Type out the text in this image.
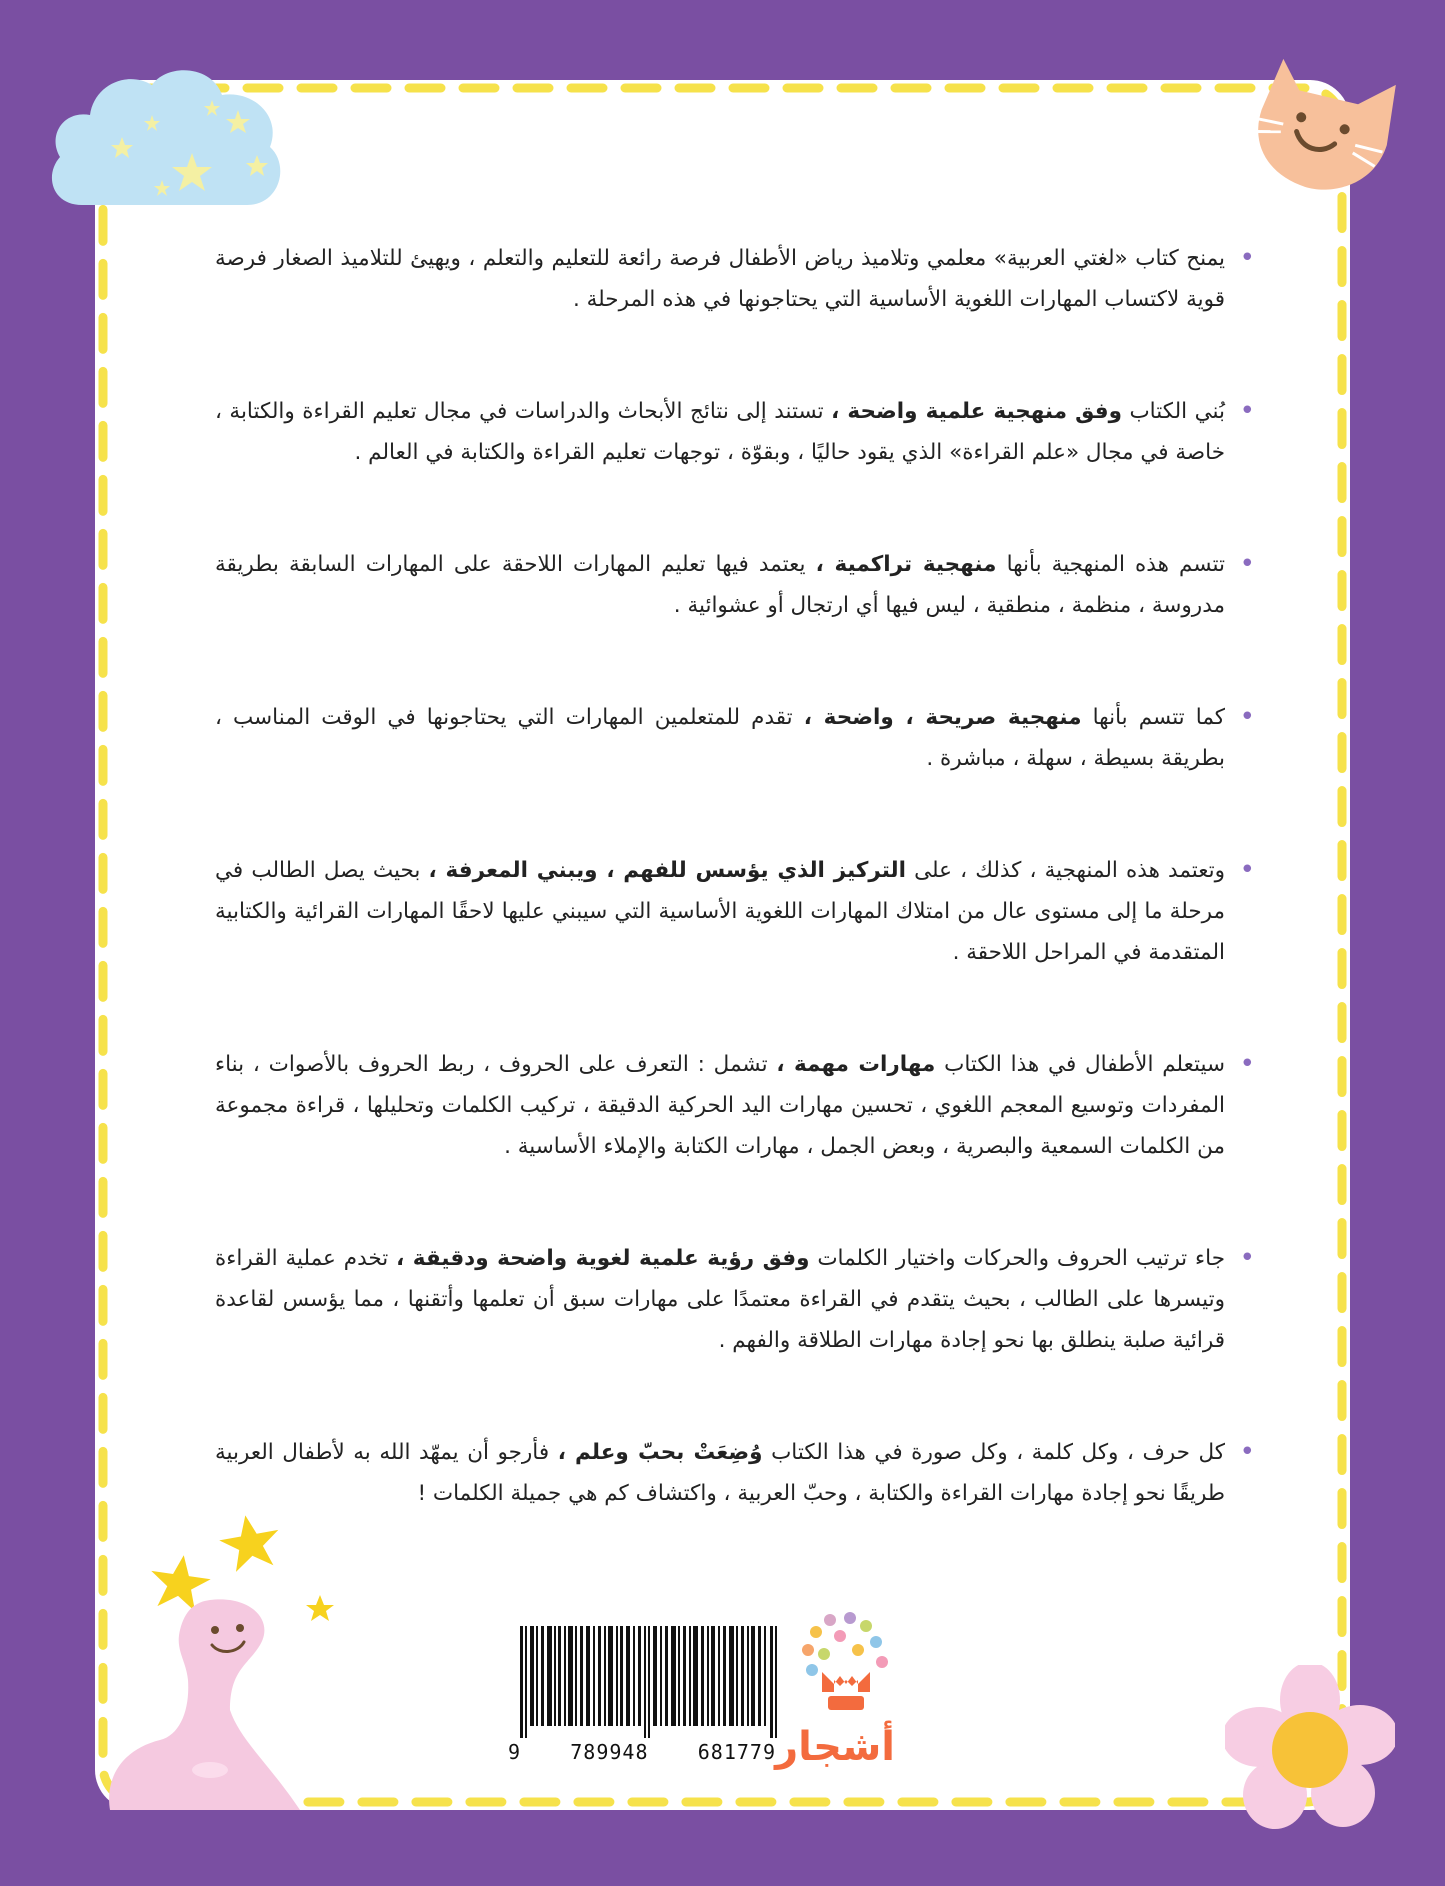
9 789948 681779 أشجار
•
يمنح كتاب «لغتي العربية» معلمي وتلاميذ رياض الأطفال فرصة رائعة للتعليم والتعلم ، ويهيئ للتلاميذ الصغار فرصة قوية لاكتساب المهارات اللغوية الأساسية التي يحتاجونها في هذه المرحلة .
•
بُني الكتاب وفق منهجية علمية واضحة ، تستند إلى نتائج الأبحاث والدراسات في مجال تعليم القراءة والكتابة ، خاصة في مجال «علم القراءة» الذي يقود حاليًا ، وبقوّة ، توجهات تعليم القراءة والكتابة في العالم .
•
تتسم هذه المنهجية بأنها منهجية تراكمية ، يعتمد فيها تعليم المهارات اللاحقة على المهارات السابقة بطريقة مدروسة ، منظمة ، منطقية ، ليس فيها أي ارتجال أو عشوائية .
•
كما تتسم بأنها منهجية صريحة ، واضحة ، تقدم للمتعلمين المهارات التي يحتاجونها في الوقت المناسب ، بطريقة بسيطة ، سهلة ، مباشرة .
•
وتعتمد هذه المنهجية ، كذلك ، على التركيز الذي يؤسس للفهم ، ويبني المعرفة ، بحيث يصل الطالب في مرحلة ما إلى مستوى عال من امتلاك المهارات اللغوية الأساسية التي سيبني عليها لاحقًا المهارات القرائية والكتابية المتقدمة في المراحل اللاحقة .
•
سيتعلم الأطفال في هذا الكتاب مهارات مهمة ، تشمل : التعرف على الحروف ، ربط الحروف بالأصوات ، بناء المفردات وتوسيع المعجم اللغوي ، تحسين مهارات اليد الحركية الدقيقة ، تركيب الكلمات وتحليلها ، قراءة مجموعة من الكلمات السمعية والبصرية ، وبعض الجمل ، مهارات الكتابة والإملاء الأساسية .
•
جاء ترتيب الحروف والحركات واختيار الكلمات وفق رؤية علمية لغوية واضحة ودقيقة ، تخدم عملية القراءة وتيسرها على الطالب ، بحيث يتقدم في القراءة معتمدًا على مهارات سبق أن تعلمها وأتقنها ، مما يؤسس لقاعدة قرائية صلبة ينطلق بها نحو إجادة مهارات الطلاقة والفهم .
•
كل حرف ، وكل كلمة ، وكل صورة في هذا الكتاب وُضِعَتْ بحبّ وعلم ، فأرجو أن يمهّد الله به لأطفال العربية طريقًا نحو إجادة مهارات القراءة والكتابة ، وحبّ العربية ، واكتشاف كم هي جميلة الكلمات !
